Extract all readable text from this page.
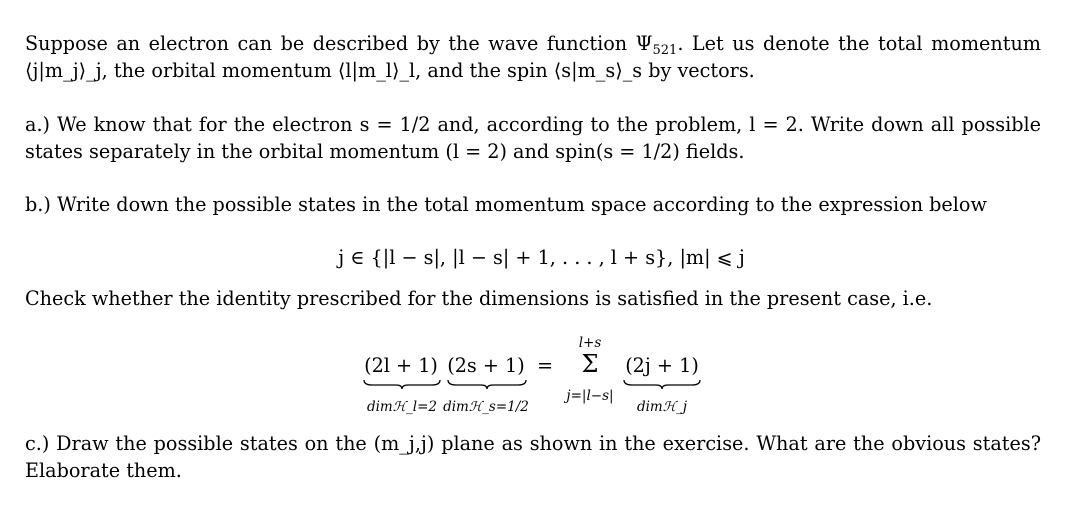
Suppose an electron can be described by the wave function $\Psi_{521}$. Let us denote the total momentum
⟨j|m_j⟩_j, the orbital momentum ⟨l|m_l⟩_l, and the spin ⟨s|m_s⟩_s by vectors.
a.) We know that for the electron s = 1/2 and, according to the problem, l = 2. Write down all possible
states separately in the orbital momentum (l = 2) and spin(s = 1/2) fields.
b.) Write down the possible states in the total momentum space according to the expression below
j ∈ {|l − s|, |l − s| + 1, . . . , l + s}, |m| ⩽ j
Check whether the identity prescribed for the dimensions is satisfied in the present case, i.e.
(2l + 1) (2s + 1)
dimℋ_l=2 dimℋ_s=1/2
=
l+s
Σ
j=|l−s|
(2j + 1)
dimℋ_j
c.) Draw the possible states on the (m_j,j) plane as shown in the exercise. What are the obvious states?
Elaborate them.
